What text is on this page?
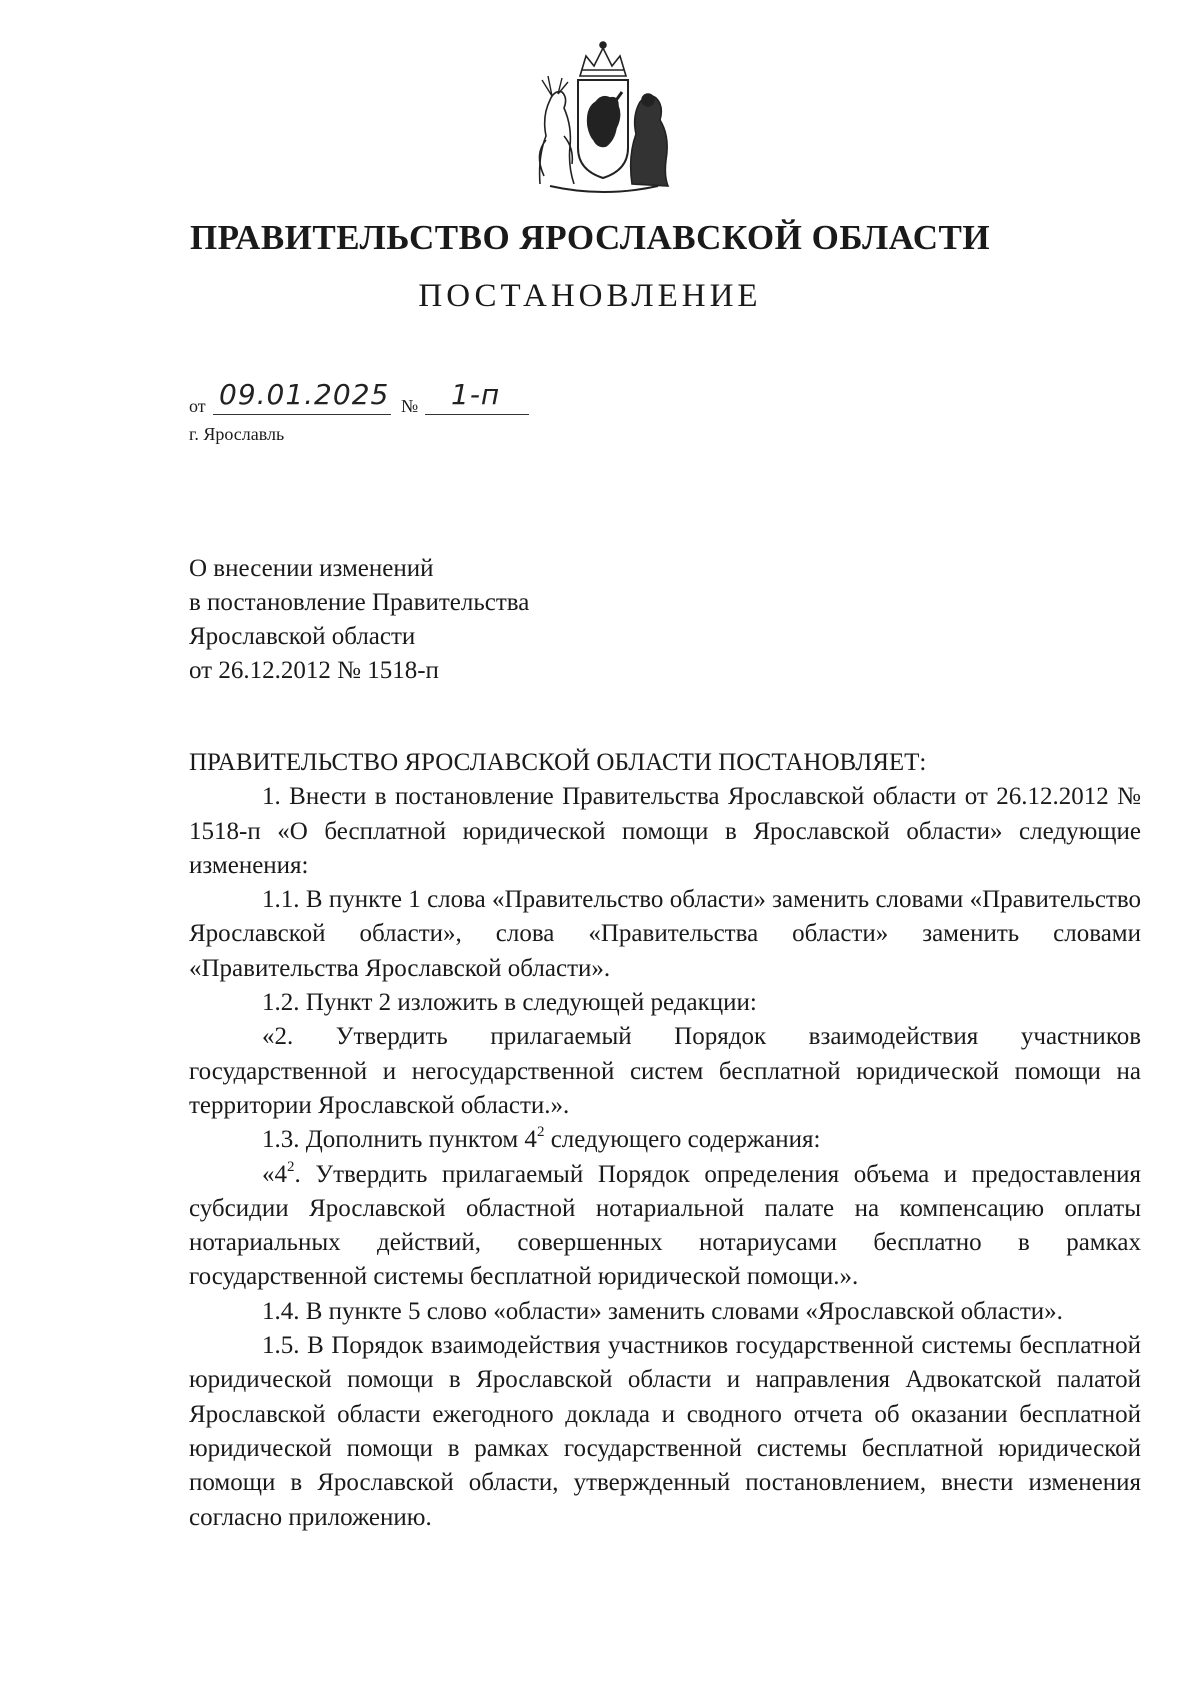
ПРАВИТЕЛЬСТВО ЯРОСЛАВСКОЙ ОБЛАСТИ
ПОСТАНОВЛЕНИЕ
от 09.01.2025 № 1-п
г. Ярославль
О внесении изменений
в постановление Правительства
Ярославской области
от 26.12.2012 № 1518-п

ПРАВИТЕЛЬСТВО ЯРОСЛАВСКОЙ ОБЛАСТИ ПОСТАНОВЛЯЕТ:

1. Внести в постановление Правительства Ярославской области от 26.12.2012 № 1518-п «О бесплатной юридической помощи в Ярославской области» следующие изменения:

1.1. В пункте 1 слова «Правительство области» заменить словами «Правительство Ярославской области», слова «Правительства области» заменить словами «Правительства Ярославской области».

1.2. Пункт 2 изложить в следующей редакции:

«2. Утвердить прилагаемый Порядок взаимодействия участников государственной и негосударственной систем бесплатной юридической помощи на территории Ярославской области.».

1.3. Дополнить пунктом $4^2$ следующего содержания:

«$4^2$. Утвердить прилагаемый Порядок определения объема и предоставления субсидии Ярославской областной нотариальной палате на компенсацию оплаты нотариальных действий, совершенных нотариусами бесплатно в рамках государственной системы бесплатной юридической помощи.».

1.4. В пункте 5 слово «области» заменить словами «Ярославской области».

1.5. В Порядок взаимодействия участников государственной системы бесплатной юридической помощи в Ярославской области и направления Адвокатской палатой Ярославской области ежегодного доклада и сводного отчета об оказании бесплатной юридической помощи в рамках государственной системы бесплатной юридической помощи в Ярославской области, утвержденный постановлением, внести изменения согласно приложению.
